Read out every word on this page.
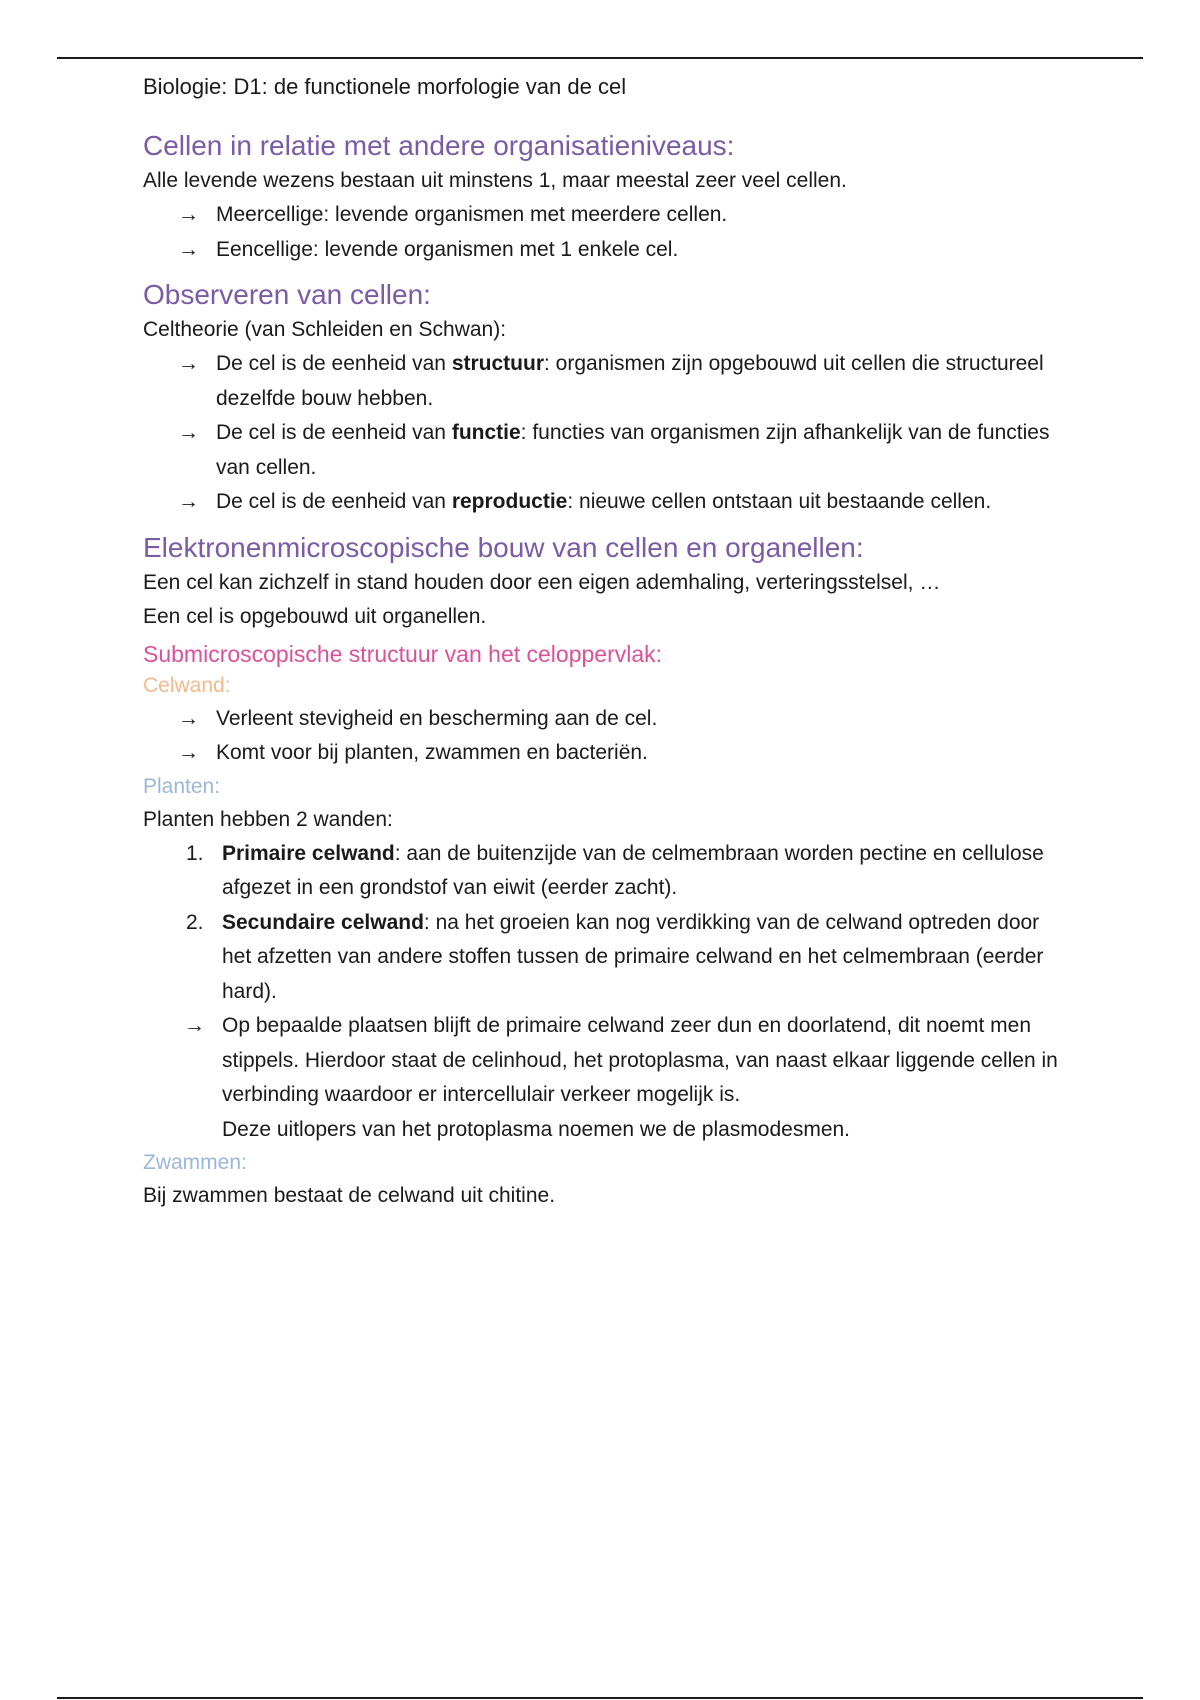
Biologie: D1: de functionele morfologie van de cel

Cellen in relatie met andere organisatieniveaus:

Alle levende wezens bestaan uit minstens 1, maar meestal zeer veel cellen.

→ Meercellige: levende organismen met meerdere cellen.
→ Eencellige: levende organismen met 1 enkele cel.
Observeren van cellen:

Celtheorie (van Schleiden en Schwan):

→ De cel is de eenheid van structuur: organismen zijn opgebouwd uit cellen die structureel dezelfde bouw hebben.
→ De cel is de eenheid van functie: functies van organismen zijn afhankelijk van de functies van cellen.
→ De cel is de eenheid van reproductie: nieuwe cellen ontstaan uit bestaande cellen.
Elektronenmicroscopische bouw van cellen en organellen:

Een cel kan zichzelf in stand houden door een eigen ademhaling, verteringsstelsel, …

Een cel is opgebouwd uit organellen.

Submicroscopische structuur van het celoppervlak:
Celwand:
→ Verleent stevigheid en bescherming aan de cel.
→ Komt voor bij planten, zwammen en bacteriën.
Planten:

Planten hebben 2 wanden:

1. Primaire celwand: aan de buitenzijde van de celmembraan worden pectine en cellulose afgezet in een grondstof van eiwit (eerder zacht).
2. Secundaire celwand: na het groeien kan nog verdikking van de celwand optreden door het afzetten van andere stoffen tussen de primaire celwand en het celmembraan (eerder hard).
→ Op bepaalde plaatsen blijft de primaire celwand zeer dun en doorlatend, dit noemt men stippels. Hierdoor staat de celinhoud, het protoplasma, van naast elkaar liggende cellen in verbinding waardoor er intercellulair verkeer mogelijk is.
Deze uitlopers van het protoplasma noemen we de plasmodesmen.
Zwammen:

Bij zwammen bestaat de celwand uit chitine.
